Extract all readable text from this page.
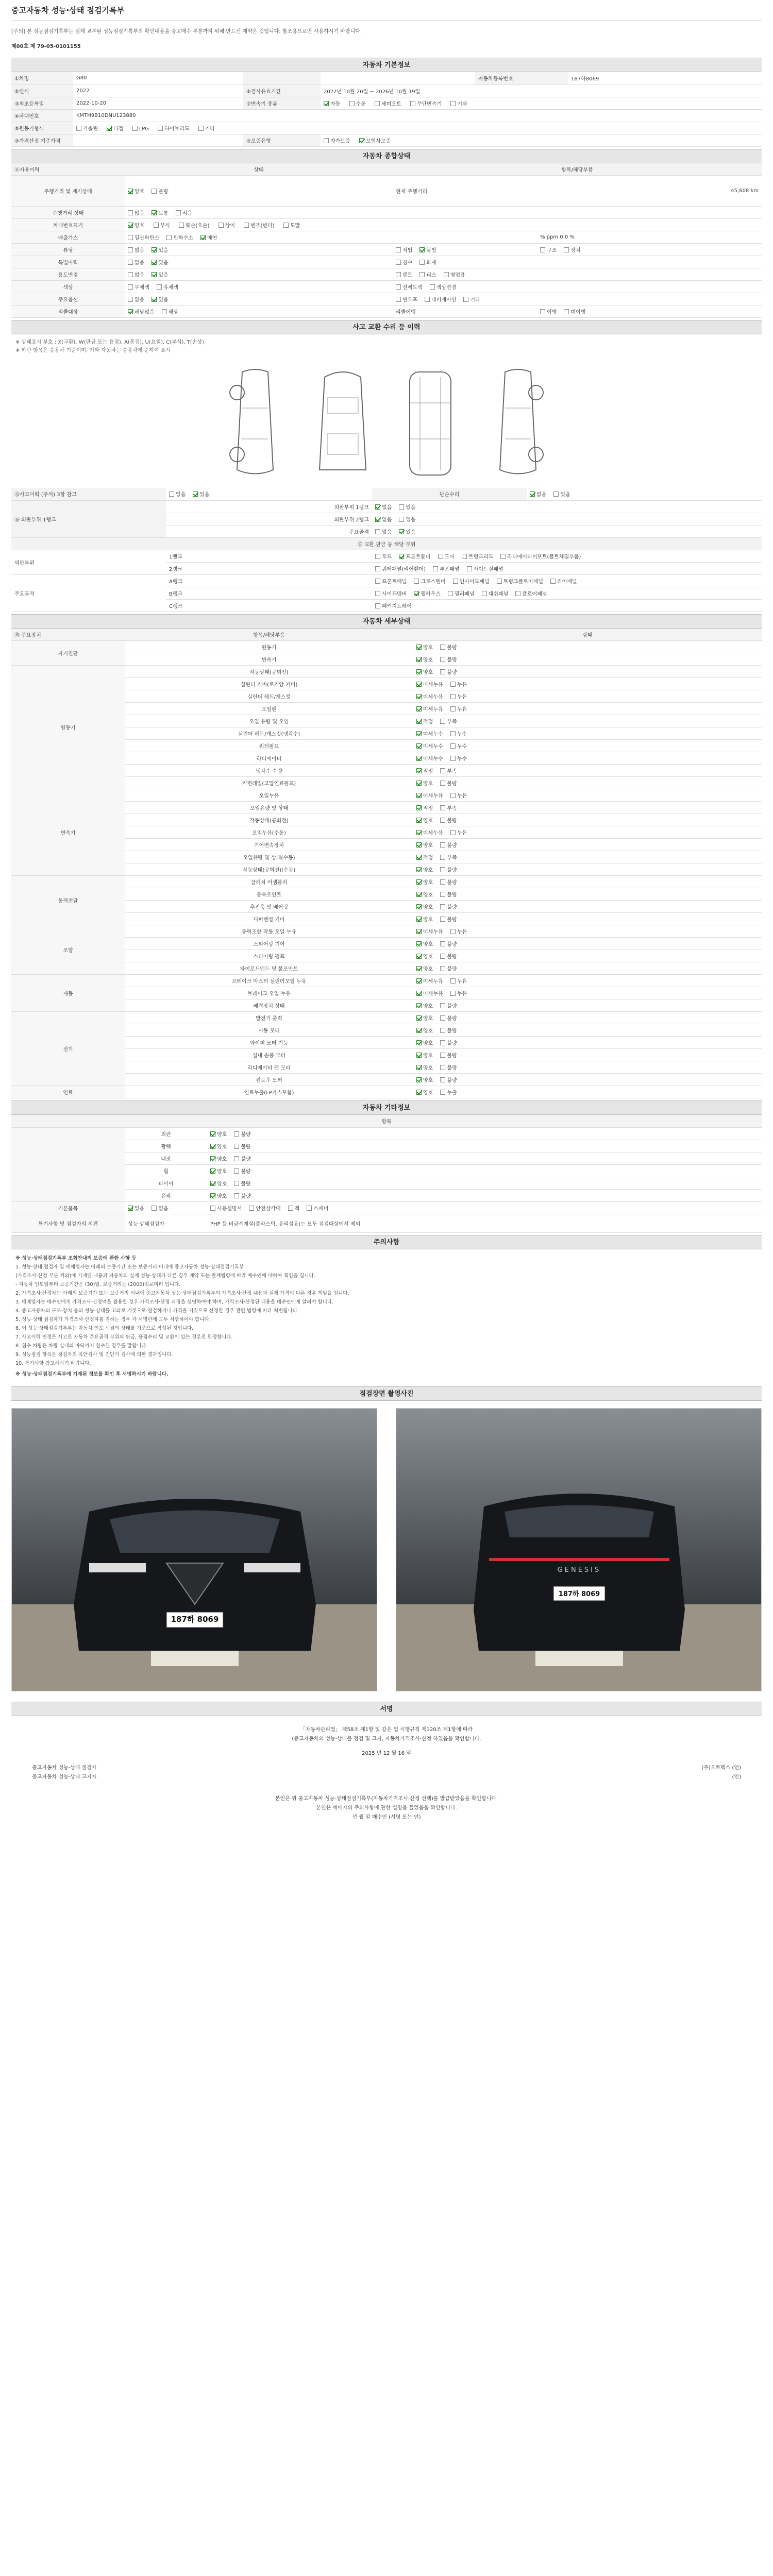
중고자동차 성능·상태 점검기록부
[주의] 본 성능점검기록부는 실제 교부된 성능점검기록부의 확인내용을 중고매수 부분까지 위해 만드신 제약은 것입니다. 참조용으로만 사용하시기 바랍니다.
제00호 제 79-05-0101155
자동차 기본정보
①차명	G80			자동차등록번호	187하8069
②연식	2022	⑥검사유효기간	2022년 10월 20일 ~ 2026년 10월 19일		
③최초등록일	2022-10-20	⑦변속기 종류	자동 수동 세미오토 무단변속기 기타		
④차대번호	KMTH9B10DNU123880				
⑤원동기형식	가솔린 디젤 LPG 하이브리드 기타				
⑨가격산정 기준가격		⑧보증유형	자가보증 보험사보증		
자동차 종합상태
⑪사용이력	상태	항목/해당부품	
주행거리 및 계기상태	양호 불량	현재 주행거리	45,608 km
주행거리 상태	많음 보통 적음		
차대번호표기	양호 부식 훼손(오손) 상이 변조(변타) 도말		
배출가스	일산화탄소 탄화수소 매연		% ppm 0.0 %
튜닝	없음 있음	적법 불법	구조 장치
특별이력	없음 있음	침수 화재	
용도변경	없음 있음	렌트 리스 영업용	
색상	무채색 유채색	전체도색 색상변경	
주요옵션	없음 있음	썬루프 내비게이션 기타	
리콜대상	해당없음 해당	리콜이행	이행 미이행
사고 교환 수리 등 이력
※ 상태표시 부호 : X(교환), W(판금 또는 용접), A(흠집), U(요철), C(부식), T(손상)
※ 하단 항목은 승용차 기준이며, 기타 자동차는 승용차에 준하여 표시
⑮사고이력 (주석) 3항 참고	없음 있음	단순수리	없음 있음
⑯ 외판부위 1랭크	외판부위 1랭크	없음 있음	
	외판부위 2랭크	없음 있음	
	주요골격	없음 있음	
⑰ 교환,판금 등 해당 부위			
외판부위	1랭크	후드 프론트휀더 도어 트렁크리드 라디에이터서포트(볼트체결부품)	
	2랭크	쿼터패널(리어휀더) 루프패널 사이드실패널	
주요골격	A랭크	프론트패널 크로스멤버 인사이드패널 트렁크플로어패널 리어패널	
	B랭크	사이드멤버 휠하우스 필러패널 대쉬패널 플로어패널	
	C랭크	패키지트레이	
자동차 세부상태
⑱ 주요장치	항목/해당부품	상태
자기진단	원동기	양호 불량
	변속기	양호 불량
원동기	작동상태(공회전)	양호 불량
	실린더 커버(로커암 커버)	미세누유 누유
	실린더 헤드/개스킷	미세누유 누유
	오일팬	미세누유 누유
	오일 유량 및 오염	적정 부족
	실린더 헤드/개스킷(냉각수)	미세누수 누수
	워터펌프	미세누수 누수
	라디에이터	미세누수 누수
	냉각수 수량	적정 부족
	커먼레일(고압연료펌프)	양호 불량
변속기	오일누유	미세누유 누유
	오일유량 및 상태	적정 부족
	작동상태(공회전)	양호 불량
	오일누유(수동)	미세누유 누유
	기어변속장치	양호 불량
	오일유량 및 상태(수동)	적정 부족
	작동상태(공회전)(수동)	양호 불량
동력전달	클러치 어셈블리	양호 불량
	등속조인트	양호 불량
	추진축 및 베어링	양호 불량
	디퍼렌셜 기어	양호 불량
조향	동력조향 작동 오일 누유	미세누유 누유
	스티어링 기어	양호 불량
	스티어링 펌프	양호 불량
	타이로드엔드 및 볼조인트	양호 불량
제동	브레이크 마스터 실린더오일 누유	미세누유 누유
	브레이크 오일 누유	미세누유 누유
	배력장치 상태	양호 불량
전기	발전기 출력	양호 불량
	시동 모터	양호 불량
	와이퍼 모터 기능	양호 불량
	실내 송풍 모터	양호 불량
	라디에이터 팬 모터	양호 불량
	윈도우 모터	양호 불량
연료	연료누출(LP가스포함)	양호 누출
자동차 기타정보
항목		
	외관	양호 불량
	광택	양호 불량
	내장	양호 불량
	휠	양호 불량
	타이어	양호 불량
	유리	양호 불량
기본품목	있음 없음	사용설명서 안전삼각대 잭 스패너
특기사항 및 점검자의 의견	성능·상태점검자	PHP 등 비금속재질(플라스틱, 유리섬유)는 모두 점검대상에서 제외
주의사항

※ 성능·상태점검기록부 조회안내의 보증에 관한 사항 등

1. 성능·상태 점검자 및 매매업자는 아래의 보증기간 또는 보증거리 이내에 중고자동차 성능·상태점검기록부

(가격조사·산정 부분 제외)에 기재된 내용과 자동차의 실제 성능·상태가 다른 경우 계약 또는 관계법령에 따라 매수인에 대하여 책임을 집니다.

- 자동차 인도일부터 보증기간은 (30)일, 보증거리는 (2000)킬로미터 입니다.

2. 가격조사·산정자는 아래의 보증기간 또는 보증거리 이내에 중고자동차 성능·상태점검기록부의 가격조사·산정 내용과 실제 가격이 다른 경우 책임을 집니다.

3. 매매업자는 매수인에게 가격조사·산정액을 활용할 경우 가격조사·산정 과정을 설명하여야 하며, 가격조사·산정된 내용을 매수인에게 알려야 합니다.

4. 중고자동차의 구조·장치 등의 성능·상태를 고의로 거짓으로 점검하거나 가격을 거짓으로 산정한 경우 관련 법령에 따라 처벌됩니다.

5. 성능·상태 점검자가 가격조사·산정자를 겸하는 경우 각 서명란에 모두 서명하여야 합니다.

6. 이 성능·상태점검기록부는 자동차 인도 시점의 상태를 기준으로 작성된 것입니다.

7. 사고이력 인정은 사고로 자동차 주요골격 부위의 판금, 용접수리 및 교환이 있는 경우로 한정합니다.

8. 침수 차량은 차량 실내의 바닥까지 침수된 경우를 말합니다.

9. 성능점검 항목은 점검자의 육안검사 및 진단기 검사에 의한 결과입니다.

10. 특기사항 참고하시기 바랍니다.

※ 성능·상태점검기록부에 기재된 정보를 확인 후 서명하시기 바랍니다.

점검장면 촬영사진
187하 8069
GENESIS
187하 8069
서명
「자동차관리법」 제58조 제1항 및 같은 법 시행규칙 제120조 제1항에 따라
(중고자동차의 성능·상태를 점검 및 고지, 자동차가격조사·산정 하였음을 확인합니다.
2025 년 12 월 16 일
중고자동차 성능·상태 점검자	(주)오토맥스 (인)
중고자동차 성능·상태 고지자	(인)
본인은 위 중고자동차 성능·상태점검기록부(자동차가격조사·산정 선택)를 발급받았음을 확인합니다.
본인은 매매자의 주의사항에 관한 설명을 들었음을 확인합니다.
년 월 일 매수인 (서명 또는 인)
